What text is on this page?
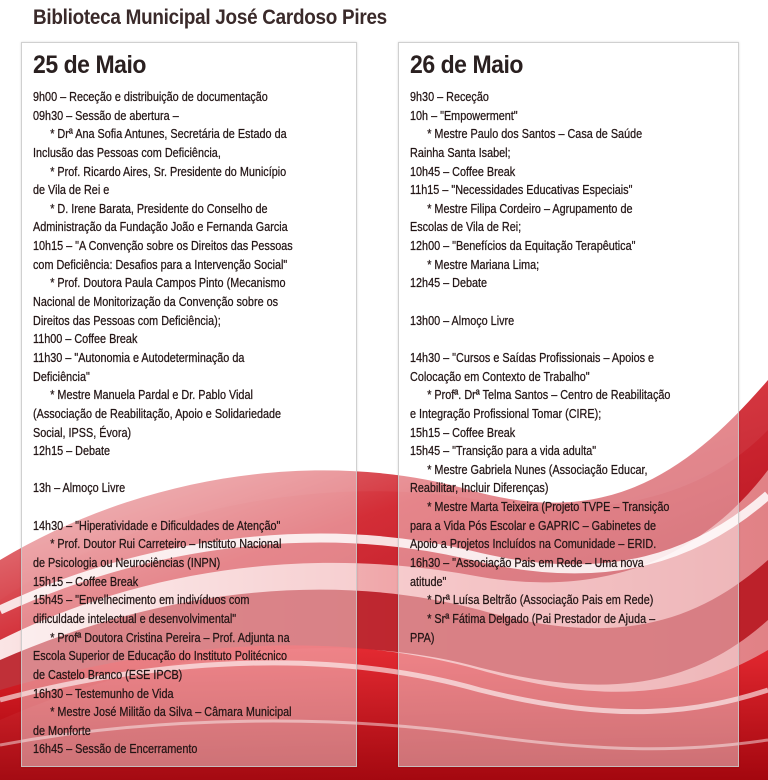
Biblioteca Municipal José Cardoso Pires
25 de Maio
9h00 – Receção e distribuição de documentação
09h30 – Sessão de abertura –
* Drª Ana Sofia Antunes, Secretária de Estado da
Inclusão das Pessoas com Deficiência,
* Prof. Ricardo Aires, Sr. Presidente do Município
de Vila de Rei e
* D. Irene Barata, Presidente do Conselho de
Administração da Fundação João e Fernanda Garcia
10h15 – "A Convenção sobre os Direitos das Pessoas
com Deficiência: Desafios para a Intervenção Social"
* Prof. Doutora Paula Campos Pinto (Mecanismo
Nacional de Monitorização da Convenção sobre os
Direitos das Pessoas com Deficiência);
11h00 – Coffee Break
11h30 – "Autonomia e Autodeterminação da
Deficiência"
* Mestre Manuela Pardal e Dr. Pablo Vidal
(Associação de Reabilitação, Apoio e Solidariedade
Social, IPSS, Évora)
12h15 – Debate
13h – Almoço Livre
14h30 – "Hiperatividade e Dificuldades de Atenção"
* Prof. Doutor Rui Carreteiro – Instituto Nacional
de Psicologia ou Neurociências (INPN)
15h15 – Coffee Break
15h45 – "Envelhecimento em indivíduos com
dificuldade intelectual e desenvolvimental"
* Profª Doutora Cristina Pereira – Prof. Adjunta na
Escola Superior de Educação do Instituto Politécnico
de Castelo Branco (ESE IPCB)
16h30 – Testemunho de Vida
* Mestre José Militão da Silva – Câmara Municipal
de Monforte
16h45 – Sessão de Encerramento
26 de Maio
9h30 – Receção
10h – "Empowerment"
* Mestre Paulo dos Santos – Casa de Saúde
Rainha Santa Isabel;
10h45 – Coffee Break
11h15 – "Necessidades Educativas Especiais"
* Mestre Filipa Cordeiro – Agrupamento de
Escolas de Vila de Rei;
12h00 – "Benefícios da Equitação Terapêutica"
* Mestre Mariana Lima;
12h45 – Debate
13h00 – Almoço Livre
14h30 – "Cursos e Saídas Profissionais – Apoios e
Colocação em Contexto de Trabalho"
* Profª. Drª Telma Santos – Centro de Reabilitação
e Integração Profissional Tomar (CIRE);
15h15 – Coffee Break
15h45 – "Transição para a vida adulta"
* Mestre Gabriela Nunes (Associação Educar,
Reabilitar, Incluir Diferenças)
* Mestre Marta Teixeira (Projeto TVPE – Transição
para a Vida Pós Escolar e GAPRIC – Gabinetes de
Apoio a Projetos Incluídos na Comunidade – ERID.
16h30 – "Associação Pais em Rede – Uma nova
atitude"
* Drª Luísa Beltrão (Associação Pais em Rede)
* Srª Fátima Delgado (Pai Prestador de Ajuda –
PPA)
